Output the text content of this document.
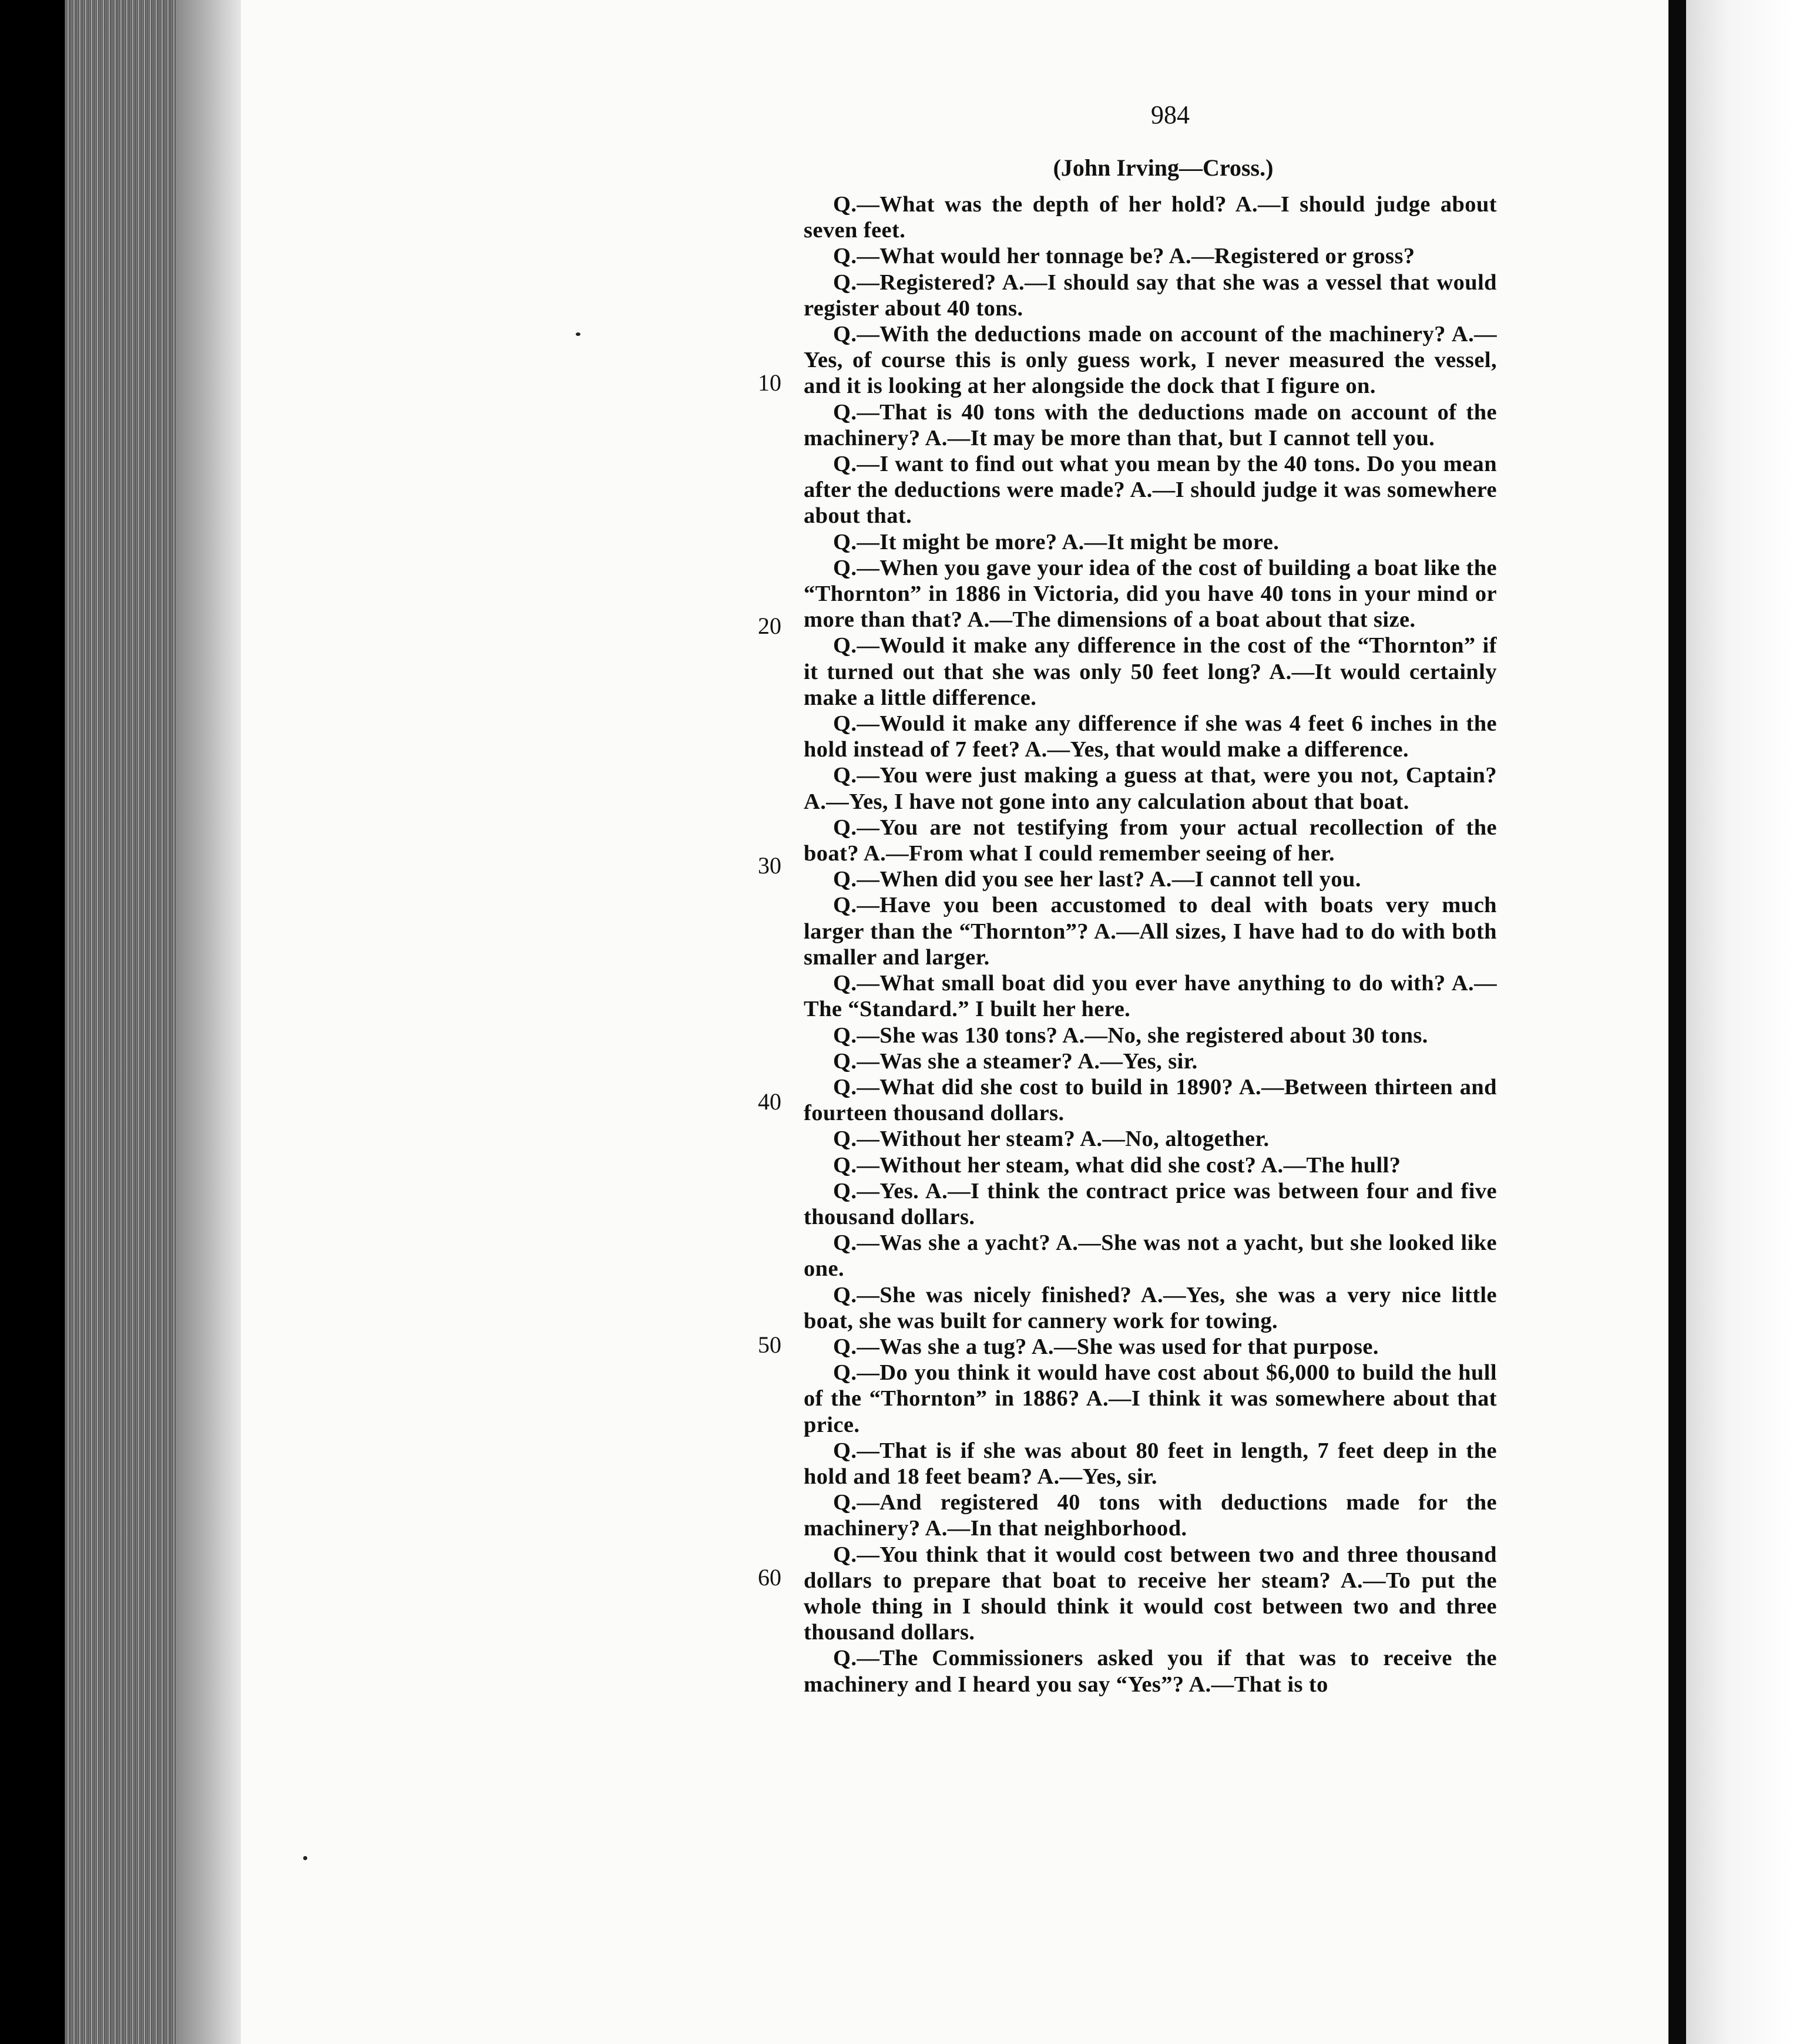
984
(John Irving—Cross.)

Q.—What was the depth of her hold? A.—I should judge about seven feet.

Q.—What would her tonnage be? A.—Registered or gross?

Q.—Registered? A.—I should say that she was a vessel that would register about 40 tons.

Q.—With the deductions made on account of the machinery? A.—Yes, of course this is only guess work, I never measured the vessel, and it is looking at her alongside the dock that I figure on.

Q.—That is 40 tons with the deductions made on account of the machinery? A.—It may be more than that, but I cannot tell you.

Q.—I want to find out what you mean by the 40 tons. Do you mean after the deductions were made? A.—I should judge it was somewhere about that.

Q.—It might be more? A.—It might be more.

Q.—When you gave your idea of the cost of building a boat like the “Thornton” in 1886 in Victoria, did you have 40 tons in your mind or more than that? A.—The dimensions of a boat about that size.

Q.—Would it make any difference in the cost of the “Thornton” if it turned out that she was only 50 feet long? A.—It would certainly make a little difference.

Q.—Would it make any difference if she was 4 feet 6 inches in the hold instead of 7 feet? A.—Yes, that would make a difference.

Q.—You were just making a guess at that, were you not, Captain? A.—Yes, I have not gone into any calculation about that boat.

Q.—You are not testifying from your actual recollection of the boat? A.—From what I could remember seeing of her.

Q.—When did you see her last? A.—I cannot tell you.

Q.—Have you been accustomed to deal with boats very much larger than the “Thornton”? A.—All sizes, I have had to do with both smaller and larger.

Q.—What small boat did you ever have anything to do with? A.—The “Standard.” I built her here.

Q.—She was 130 tons? A.—No, she registered about 30 tons.

Q.—Was she a steamer? A.—Yes, sir.

Q.—What did she cost to build in 1890? A.—Between thirteen and fourteen thousand dollars.

Q.—Without her steam? A.—No, altogether.

Q.—Without her steam, what did she cost? A.—The hull?

Q.—Yes. A.—I think the contract price was between four and five thousand dollars.

Q.—Was she a yacht? A.—She was not a yacht, but she looked like one.

Q.—She was nicely finished? A.—Yes, she was a very nice little boat, she was built for cannery work for towing.

Q.—Was she a tug? A.—She was used for that purpose.

Q.—Do you think it would have cost about $6,000 to build the hull of the “Thornton” in 1886? A.—I think it was somewhere about that price.

Q.—That is if she was about 80 feet in length, 7 feet deep in the hold and 18 feet beam? A.—Yes, sir.

Q.—And registered 40 tons with deductions made for the machinery? A.—In that neighborhood.

Q.—You think that it would cost between two and three thousand dollars to prepare that boat to receive her steam? A.—To put the whole thing in I should think it would cost between two and three thousand dollars.

Q.—The Commissioners asked you if that was to receive the machinery and I heard you say “Yes”? A.—That is to

10
20
30
40
50
60
